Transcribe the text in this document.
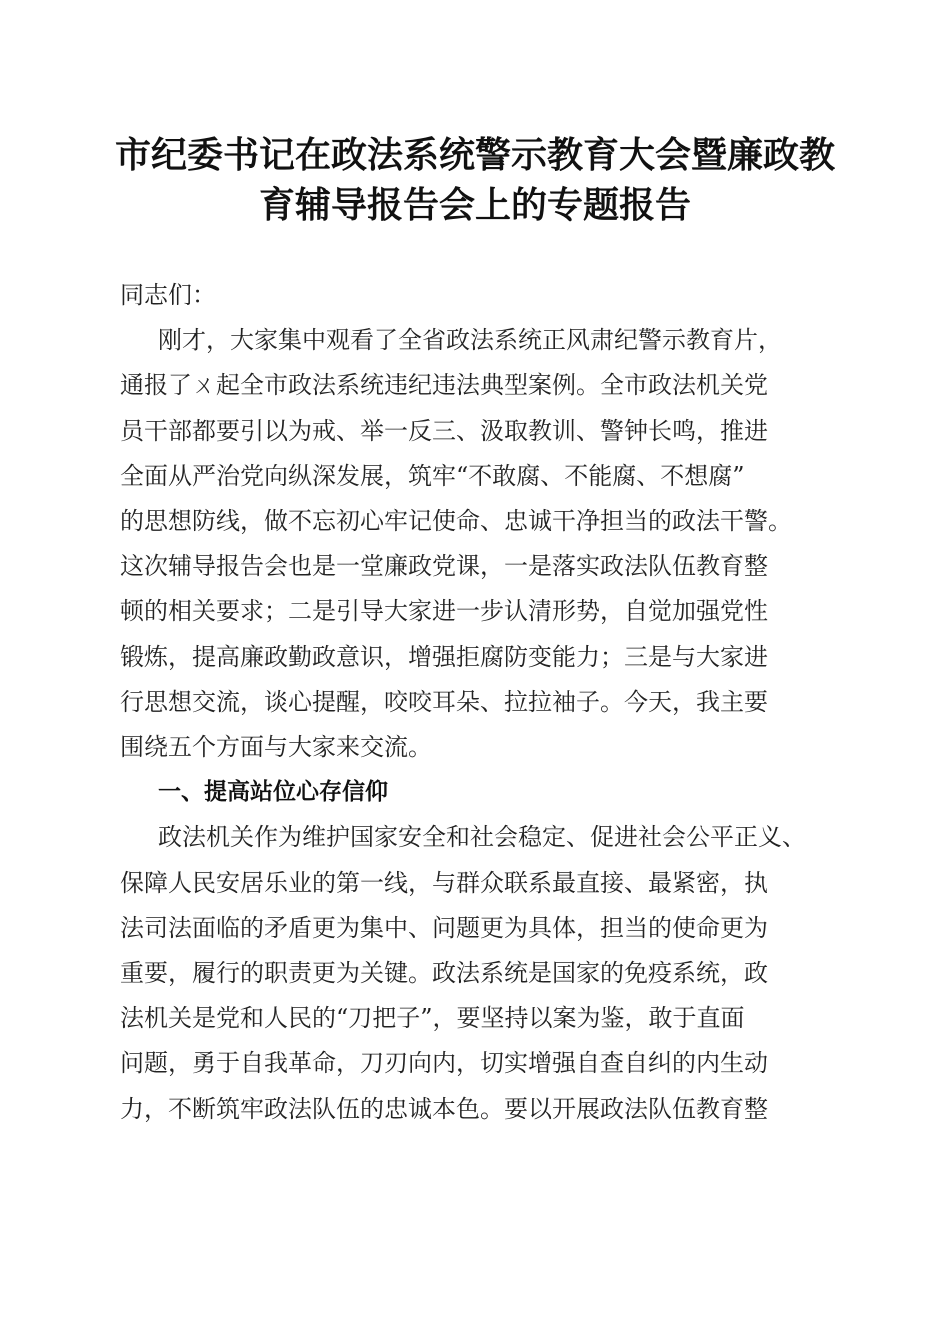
市纪委书记在政法系统警示教育大会暨廉政教
育辅导报告会上的专题报告
同志们：
刚才，大家集中观看了全省政法系统正风肃纪警示教育片，
通报了ㄨ起全市政法系统违纪违法典型案例。全市政法机关党
员干部都要引以为戒、举一反三、汲取教训、警钟长鸣，推进
全面从严治党向纵深发展，筑牢“不敢腐、不能腐、不想腐”
的思想防线，做不忘初心牢记使命、忠诚干净担当的政法干警。
这次辅导报告会也是一堂廉政党课，一是落实政法队伍教育整
顿的相关要求；二是引导大家进一步认清形势，自觉加强党性
锻炼，提高廉政勤政意识，增强拒腐防变能力；三是与大家进
行思想交流，谈心提醒，咬咬耳朵、拉拉袖子。今天，我主要
围绕五个方面与大家来交流。
一、提高站位心存信仰
政法机关作为维护国家安全和社会稳定、促进社会公平正义、
保障人民安居乐业的第一线，与群众联系最直接、最紧密，执
法司法面临的矛盾更为集中、问题更为具体，担当的使命更为
重要，履行的职责更为关键。政法系统是国家的免疫系统，政
法机关是党和人民的“刀把子”，要坚持以案为鉴，敢于直面
问题，勇于自我革命，刀刃向内，切实增强自查自纠的内生动
力，不断筑牢政法队伍的忠诚本色。要以开展政法队伍教育整
